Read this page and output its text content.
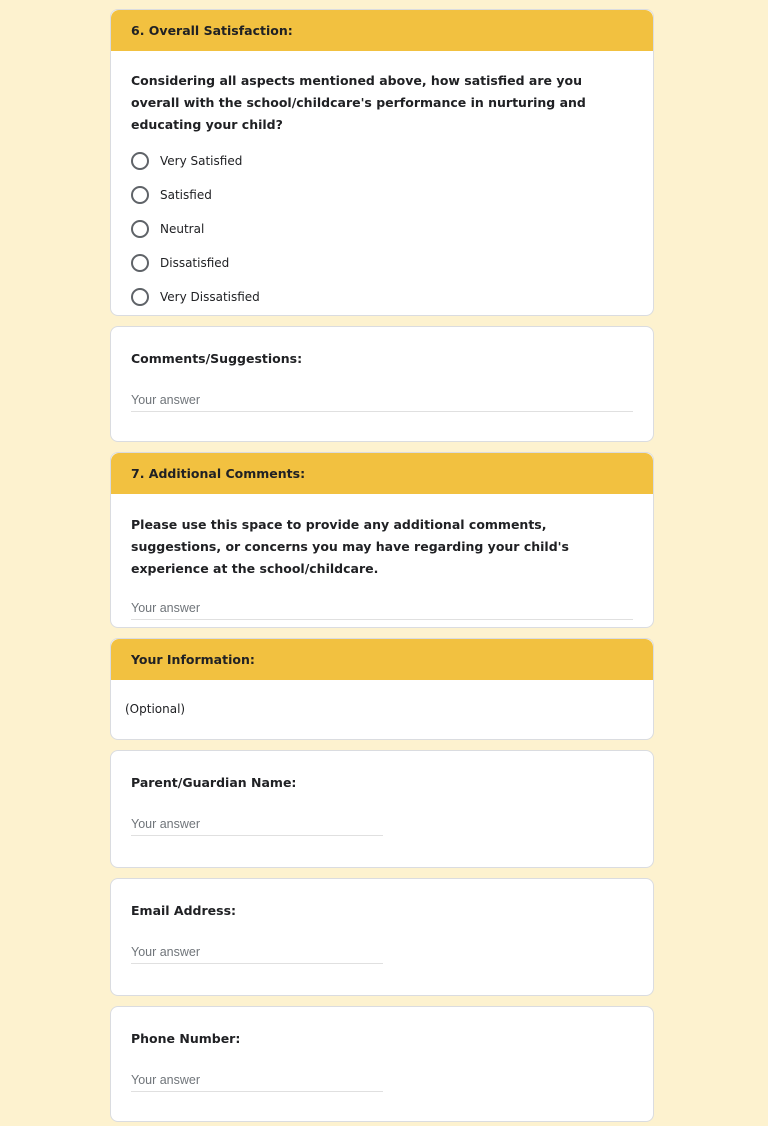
6. Overall Satisfaction:
Considering all aspects mentioned above, how satisfied are you overall with the school/childcare's performance in nurturing and educating your child?
Very Satisfied
Satisfied
Neutral
Dissatisfied
Very Dissatisfied
Comments/Suggestions:
Your answer
7. Additional Comments:
Please use this space to provide any additional comments, suggestions, or concerns you may have regarding your child's experience at the school/childcare.
Your answer
Your Information:
(Optional)
Parent/Guardian Name:
Your answer
Email Address:
Your answer
Phone Number:
Your answer
